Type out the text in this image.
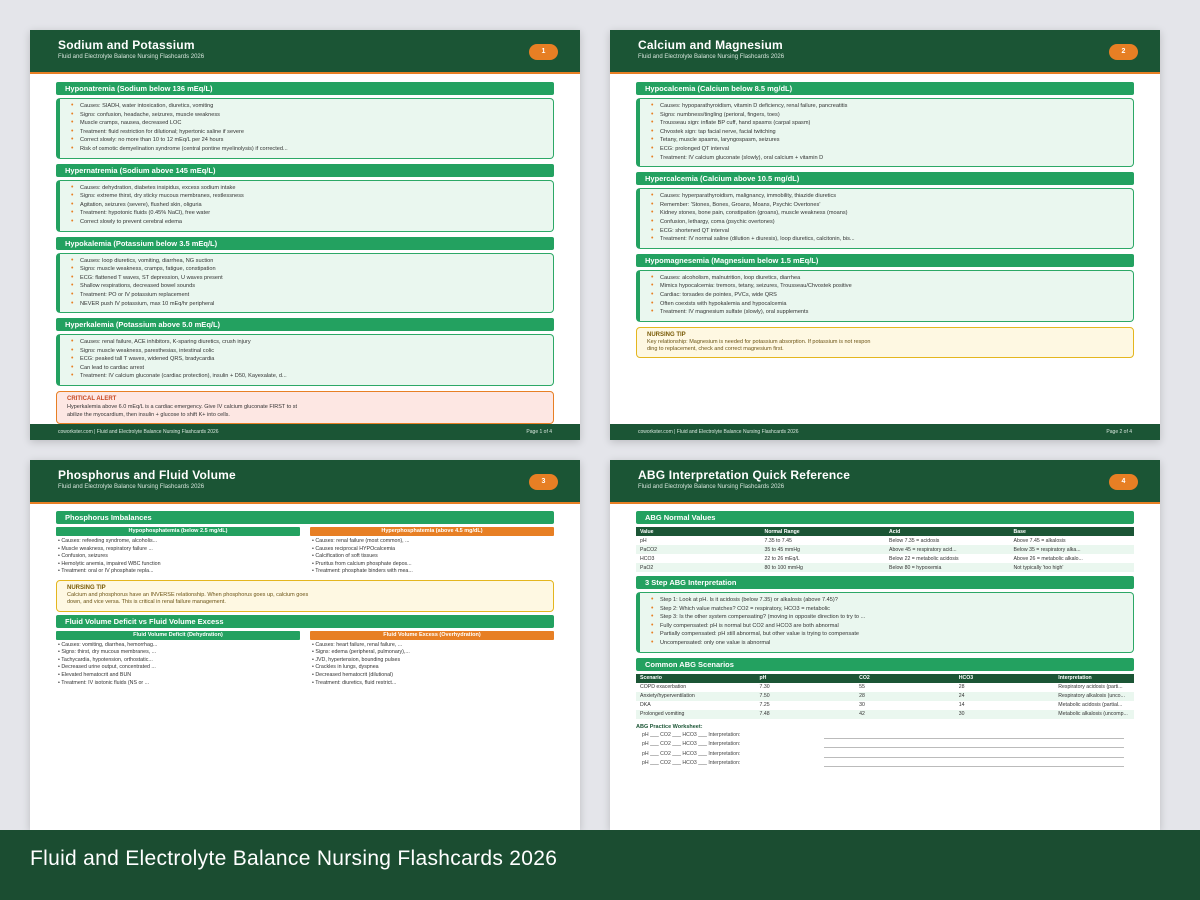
Sodium and Potassium
Fluid and Electrolyte Balance Nursing Flashcards 2026
1
Hyponatremia (Sodium below 136 mEq/L)
• Causes: SIADH, water intoxication, diuretics, vomiting
• Signs: confusion, headache, seizures, muscle weakness
• Muscle cramps, nausea, decreased LOC
• Treatment: fluid restriction for dilutional; hypertonic saline if severe
• Correct slowly: no more than 10 to 12 mEq/L per 24 hours
• Risk of osmotic demyelination syndrome (central pontine myelinolysis) if corrected...
Hypernatremia (Sodium above 145 mEq/L)
• Causes: dehydration, diabetes insipidus, excess sodium intake
• Signs: extreme thirst, dry sticky mucous membranes, restlessness
• Agitation, seizures (severe), flushed skin, oliguria
• Treatment: hypotonic fluids (0.45% NaCl), free water
• Correct slowly to prevent cerebral edema
Hypokalemia (Potassium below 3.5 mEq/L)
• Causes: loop diuretics, vomiting, diarrhea, NG suction
• Signs: muscle weakness, cramps, fatigue, constipation
• ECG: flattened T waves, ST depression, U waves present
• Shallow respirations, decreased bowel sounds
• Treatment: PO or IV potassium replacement
• NEVER push IV potassium, max 10 mEq/hr peripheral
Hyperkalemia (Potassium above 5.0 mEq/L)
• Causes: renal failure, ACE inhibitors, K-sparing diuretics, crush injury
• Signs: muscle weakness, paresthesias, intestinal colic
• ECG: peaked tall T waves, widened QRS, bradycardia
• Can lead to cardiac arrest
• Treatment: IV calcium gluconate (cardiac protection), insulin + D50, Kayexalate, d...
CRITICAL ALERT
Hyperkalemia above 6.0 mEq/L is a cardiac emergency. Give IV calcium gluconate FIRST to st
abilize the myocardium, then insulin + glucose to shift K+ into cells.
coworkster.com | Fluid and Electrolyte Balance Nursing Flashcards 2026	Page 1 of 4
Calcium and Magnesium
Fluid and Electrolyte Balance Nursing Flashcards 2026
2
Hypocalcemia (Calcium below 8.5 mg/dL)
• Causes: hypoparathyroidism, vitamin D deficiency, renal failure, pancreatitis
• Signs: numbness/tingling (perioral, fingers, toes)
• Trousseau sign: inflate BP cuff, hand spasms (carpal spasm)
• Chvostek sign: tap facial nerve, facial twitching
• Tetany, muscle spasms, laryngospasm, seizures
• ECG: prolonged QT interval
• Treatment: IV calcium gluconate (slowly), oral calcium + vitamin D
Hypercalcemia (Calcium above 10.5 mg/dL)
• Causes: hyperparathyroidism, malignancy, immobility, thiazide diuretics
• Remember: 'Stones, Bones, Groans, Moans, Psychic Overtones'
• Kidney stones, bone pain, constipation (groans), muscle weakness (moans)
• Confusion, lethargy, coma (psychic overtones)
• ECG: shortened QT interval
• Treatment: IV normal saline (dilution + diuresis), loop diuretics, calcitonin, bis...
Hypomagnesemia (Magnesium below 1.5 mEq/L)
• Causes: alcoholism, malnutrition, loop diuretics, diarrhea
• Mimics hypocalcemia: tremors, tetany, seizures, Trousseau/Chvostek positive
• Cardiac: torsades de pointes, PVCs, wide QRS
• Often coexists with hypokalemia and hypocalcemia
• Treatment: IV magnesium sulfate (slowly), oral supplements
NURSING TIP
Key relationship: Magnesium is needed for potassium absorption. If potassium is not respon
ding to replacement, check and correct magnesium first.
coworkster.com | Fluid and Electrolyte Balance Nursing Flashcards 2026	Page 2 of 4
Phosphorus and Fluid Volume
Fluid and Electrolyte Balance Nursing Flashcards 2026
3
Phosphorus Imbalances
Hypophosphatemia (below 2.5 mg/dL)
• Causes: refeeding syndrome, alcoholis...
• Muscle weakness, respiratory failure ...
• Confusion, seizures
• Hemolytic anemia, impaired WBC function
• Treatment: oral or IV phosphate repla...
Hyperphosphatemia (above 4.5 mg/dL)
• Causes: renal failure (most common), ...
• Causes reciprocal HYPOcalcemia
• Calcification of soft tissues
• Pruritus from calcium phosphate depos...
• Treatment: phosphate binders with mea...
NURSING TIP
Calcium and phosphorus have an INVERSE relationship. When phosphorus goes up, calcium goes
down, and vice versa. This is critical in renal failure management.
Fluid Volume Deficit vs Fluid Volume Excess
Fluid Volume Deficit (Dehydration)
• Causes: vomiting, diarrhea, hemorrhag...
• Signs: thirst, dry mucous membranes, ...
• Tachycardia, hypotension, orthostatic...
• Decreased urine output, concentrated ...
• Elevated hematocrit and BUN
• Treatment: IV isotonic fluids (NS or ...
Fluid Volume Excess (Overhydration)
• Causes: heart failure, renal failure, ...
• Signs: edema (peripheral, pulmonary),...
• JVD, hypertension, bounding pulses
• Crackles in lungs, dyspnea
• Decreased hematocrit (dilutional)
• Treatment: diuretics, fluid restrict...
ABG Interpretation Quick Reference
Fluid and Electrolyte Balance Nursing Flashcards 2026
4
ABG Normal Values
Value	Normal Range	Acid	Base
pH	7.35 to 7.45	Below 7.35 = acidosis	Above 7.45 = alkalosis
PaCO2	35 to 45 mmHg	Above 45 = respiratory acid...	Below 35 = respiratory alka...
HCO3	22 to 26 mEq/L	Below 22 = metabolic acidosis	Above 26 = metabolic alkalo...
PaO2	80 to 100 mmHg	Below 80 = hypoxemia	Not typically 'too high'
3 Step ABG Interpretation
• Step 1: Look at pH. Is it acidosis (below 7.35) or alkalosis (above 7.45)?
• Step 2: Which value matches? CO2 = respiratory, HCO3 = metabolic
• Step 3: Is the other system compensating? (moving in opposite direction to try to ...
• Fully compensated: pH is normal but CO2 and HCO3 are both abnormal
• Partially compensated: pH still abnormal, but other value is trying to compensate
• Uncompensated: only one value is abnormal
Common ABG Scenarios
Scenario	pH	CO2	HCO3	Interpretation
COPD exacerbation	7.30	55	28	Respiratory acidosis (parti...
Anxiety/hyperventilation	7.50	28	24	Respiratory alkalosis (unco...
DKA	7.25	30	14	Metabolic acidosis (partial...
Prolonged vomiting	7.48	42	30	Metabolic alkalosis (uncomp...
ABG Practice Worksheet:
pH ___ CO2 ___ HCO3 ___ Interpretation:
pH ___ CO2 ___ HCO3 ___ Interpretation:
pH ___ CO2 ___ HCO3 ___ Interpretation:
pH ___ CO2 ___ HCO3 ___ Interpretation:
Fluid and Electrolyte Balance Nursing Flashcards 2026
